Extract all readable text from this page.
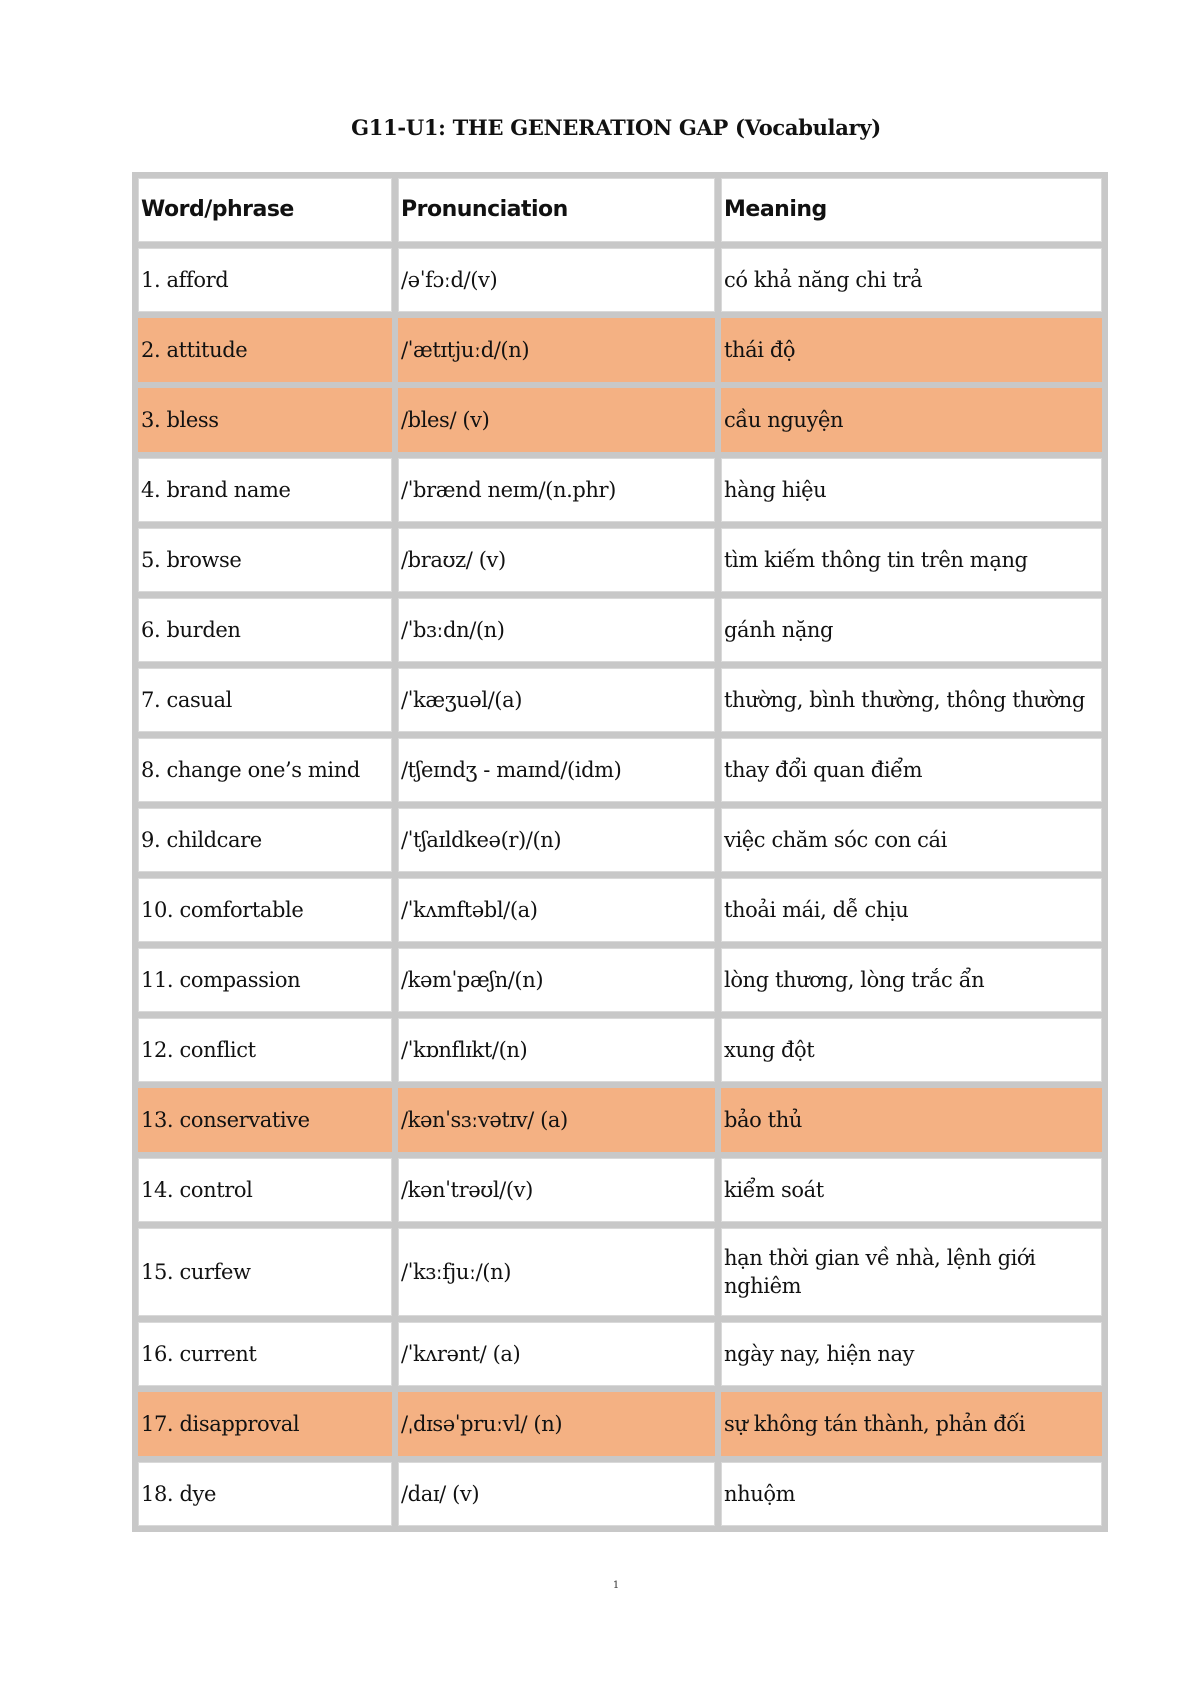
G11-U1: THE GENERATION GAP (Vocabulary)
Word/phrase	Pronunciation	Meaning
1. afford	/əˈfɔːd/(v)	có khả năng chi trả
2. attitude	/ˈætɪtjuːd/(n)	thái độ
3. bless	/bles/ (v)	cầu nguyện
4. brand name	/ˈbrænd neɪm/(n.phr)	hàng hiệu
5. browse	/braʊz/ (v)	tìm kiếm thông tin trên mạng
6. burden	/ˈbɜːdn/(n)	gánh nặng
7. casual	/ˈkæʒuəl/(a)	thường, bình thường, thông thường
8. change one’s mind	/tʃeɪndʒ - maɪnd/(idm)	thay đổi quan điểm
9. childcare	/ˈtʃaɪldkeə(r)/(n)	việc chăm sóc con cái
10. comfortable	/ˈkʌmftəbl/(a)	thoải mái, dễ chịu
11. compassion	/kəmˈpæʃn/(n)	lòng thương, lòng trắc ẩn
12. conflict	/ˈkɒnflɪkt/(n)	xung đột
13. conservative	/kənˈsɜːvətɪv/ (a)	bảo thủ
14. control	/kənˈtrəʊl/(v)	kiểm soát
15. curfew	/ˈkɜːfjuː/(n)	hạn thời gian về nhà, lệnh giới nghiêm
16. current	/ˈkʌrənt/ (a)	ngày nay, hiện nay
17. disapproval	/ˌdɪsəˈpruːvl/ (n)	sự không tán thành, phản đối
18. dye	/daɪ/ (v)	nhuộm
1
